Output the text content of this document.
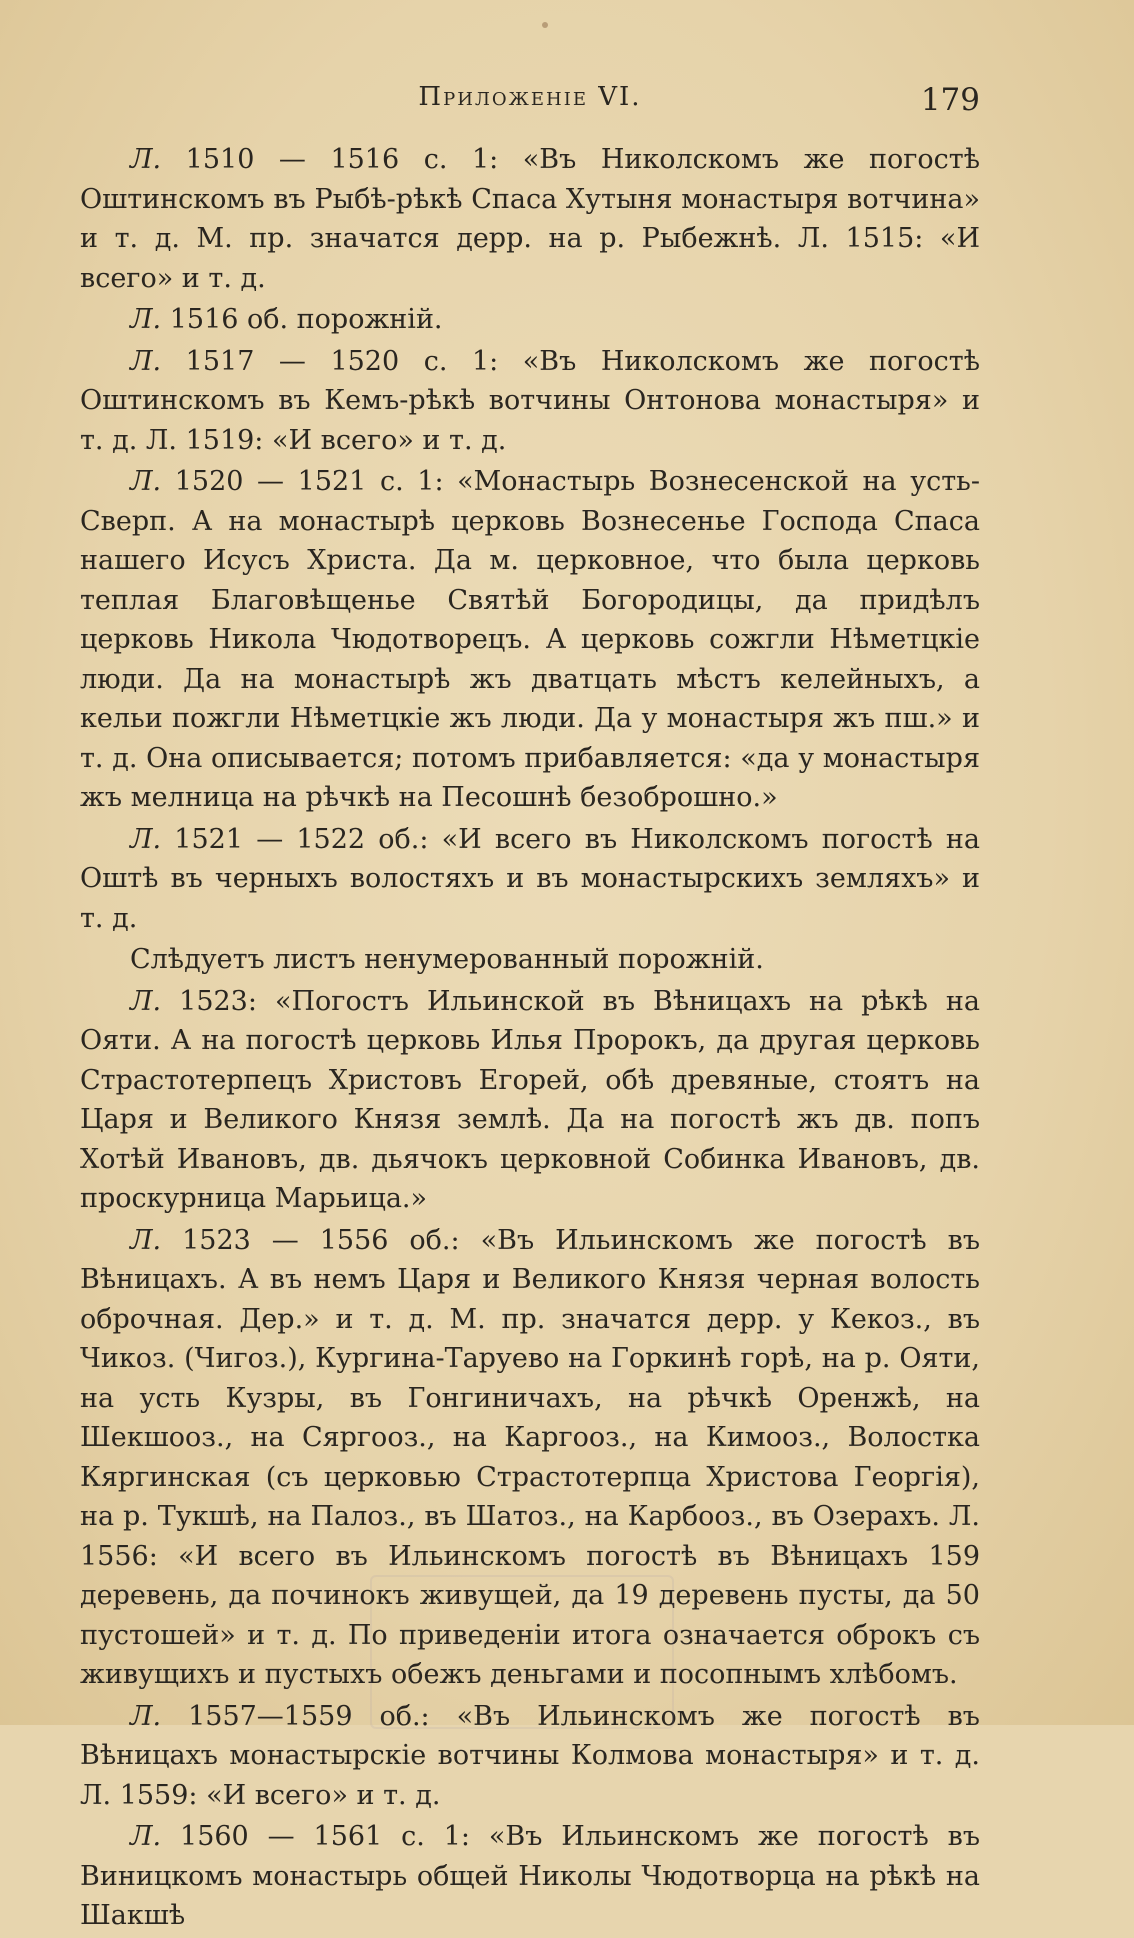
Приложеніе VI.	179

Л. 1510 — 1516 с. 1: «Въ Николскомъ же погостѣ Оштинскомъ въ Рыбѣ-рѣкѣ Спаса Хутыня монастыря вотчина» и т. д. М. пр. значатся дерр. на р. Рыбежнѣ. Л. 1515: «И всего» и т. д.

Л. 1516 об. порожній.

Л. 1517 — 1520 с. 1: «Въ Николскомъ же погостѣ Оштинскомъ въ Кемъ-рѣкѣ вотчины Онтонова монастыря» и т. д. Л. 1519: «И всего» и т. д.

Л. 1520 — 1521 с. 1: «Монастырь Вознесенской на усть-Сверп. А на монастырѣ церковь Вознесенье Господа Спаса нашего Исусъ Христа. Да м. церковное, что была церковь теплая Благовѣщенье Святѣй Богородицы, да придѣлъ церковь Никола Чюдотворецъ. А церковь сожгли Нѣметцкіе люди. Да на монастырѣ жъ дватцать мѣстъ келейныхъ, а кельи пожгли Нѣметцкіе жъ люди. Да у монастыря жъ пш.» и т. д. Она описывается; потомъ прибавляется: «да у монастыря жъ мелница на рѣчкѣ на Песошнѣ безоброшно.»

Л. 1521 — 1522 об.: «И всего въ Николскомъ погостѣ на Оштѣ въ черныхъ волостяхъ и въ монастырскихъ земляхъ» и т. д.

Слѣдуетъ листъ ненумерованный порожній.

Л. 1523: «Погостъ Ильинской въ Вѣницахъ на рѣкѣ на Ояти. А на погостѣ церковь Илья Пророкъ, да другая церковь Страстотерпецъ Христовъ Егорей, обѣ древяные, стоятъ на Царя и Великого Князя землѣ. Да на погостѣ жъ дв. попъ Хотѣй Ивановъ, дв. дьячокъ церковной Собинка Ивановъ, дв. проскурница Марьица.»

Л. 1523 — 1556 об.: «Въ Ильинскомъ же погостѣ въ Вѣницахъ. А въ немъ Царя и Великого Князя черная волость оброчная. Дер.» и т. д. М. пр. значатся дерр. у Кекоз., въ Чикоз. (Чигоз.), Кургина-Таруево на Горкинѣ горѣ, на р. Ояти, на усть Кузры, въ Гонгиничахъ, на рѣчкѣ Оренжѣ, на Шекшооз., на Сяргооз., на Каргооз., на Кимооз., Волостка Кяргинская (съ церковью Страстотерпца Христова Георгія), на р. Тукшѣ, на Палоз., въ Шатоз., на Карбооз., въ Озерахъ. Л. 1556: «И всего въ Ильинскомъ погостѣ въ Вѣницахъ 159 деревень, да починокъ живущей, да 19 деревень пусты, да 50 пустошей» и т. д. По приведеніи итога означается оброкъ съ живущихъ и пустыхъ обежъ деньгами и посопнымъ хлѣбомъ.

Л. 1557—1559 об.: «Въ Ильинскомъ же погостѣ въ Вѣницахъ монастырскіе вотчины Колмова монастыря» и т. д. Л. 1559: «И всего» и т. д.

Л. 1560 — 1561 с. 1: «Въ Ильинскомъ же погостѣ въ Виницкомъ монастырь общей Николы Чюдотворца на рѣкѣ на Шакшѣ
